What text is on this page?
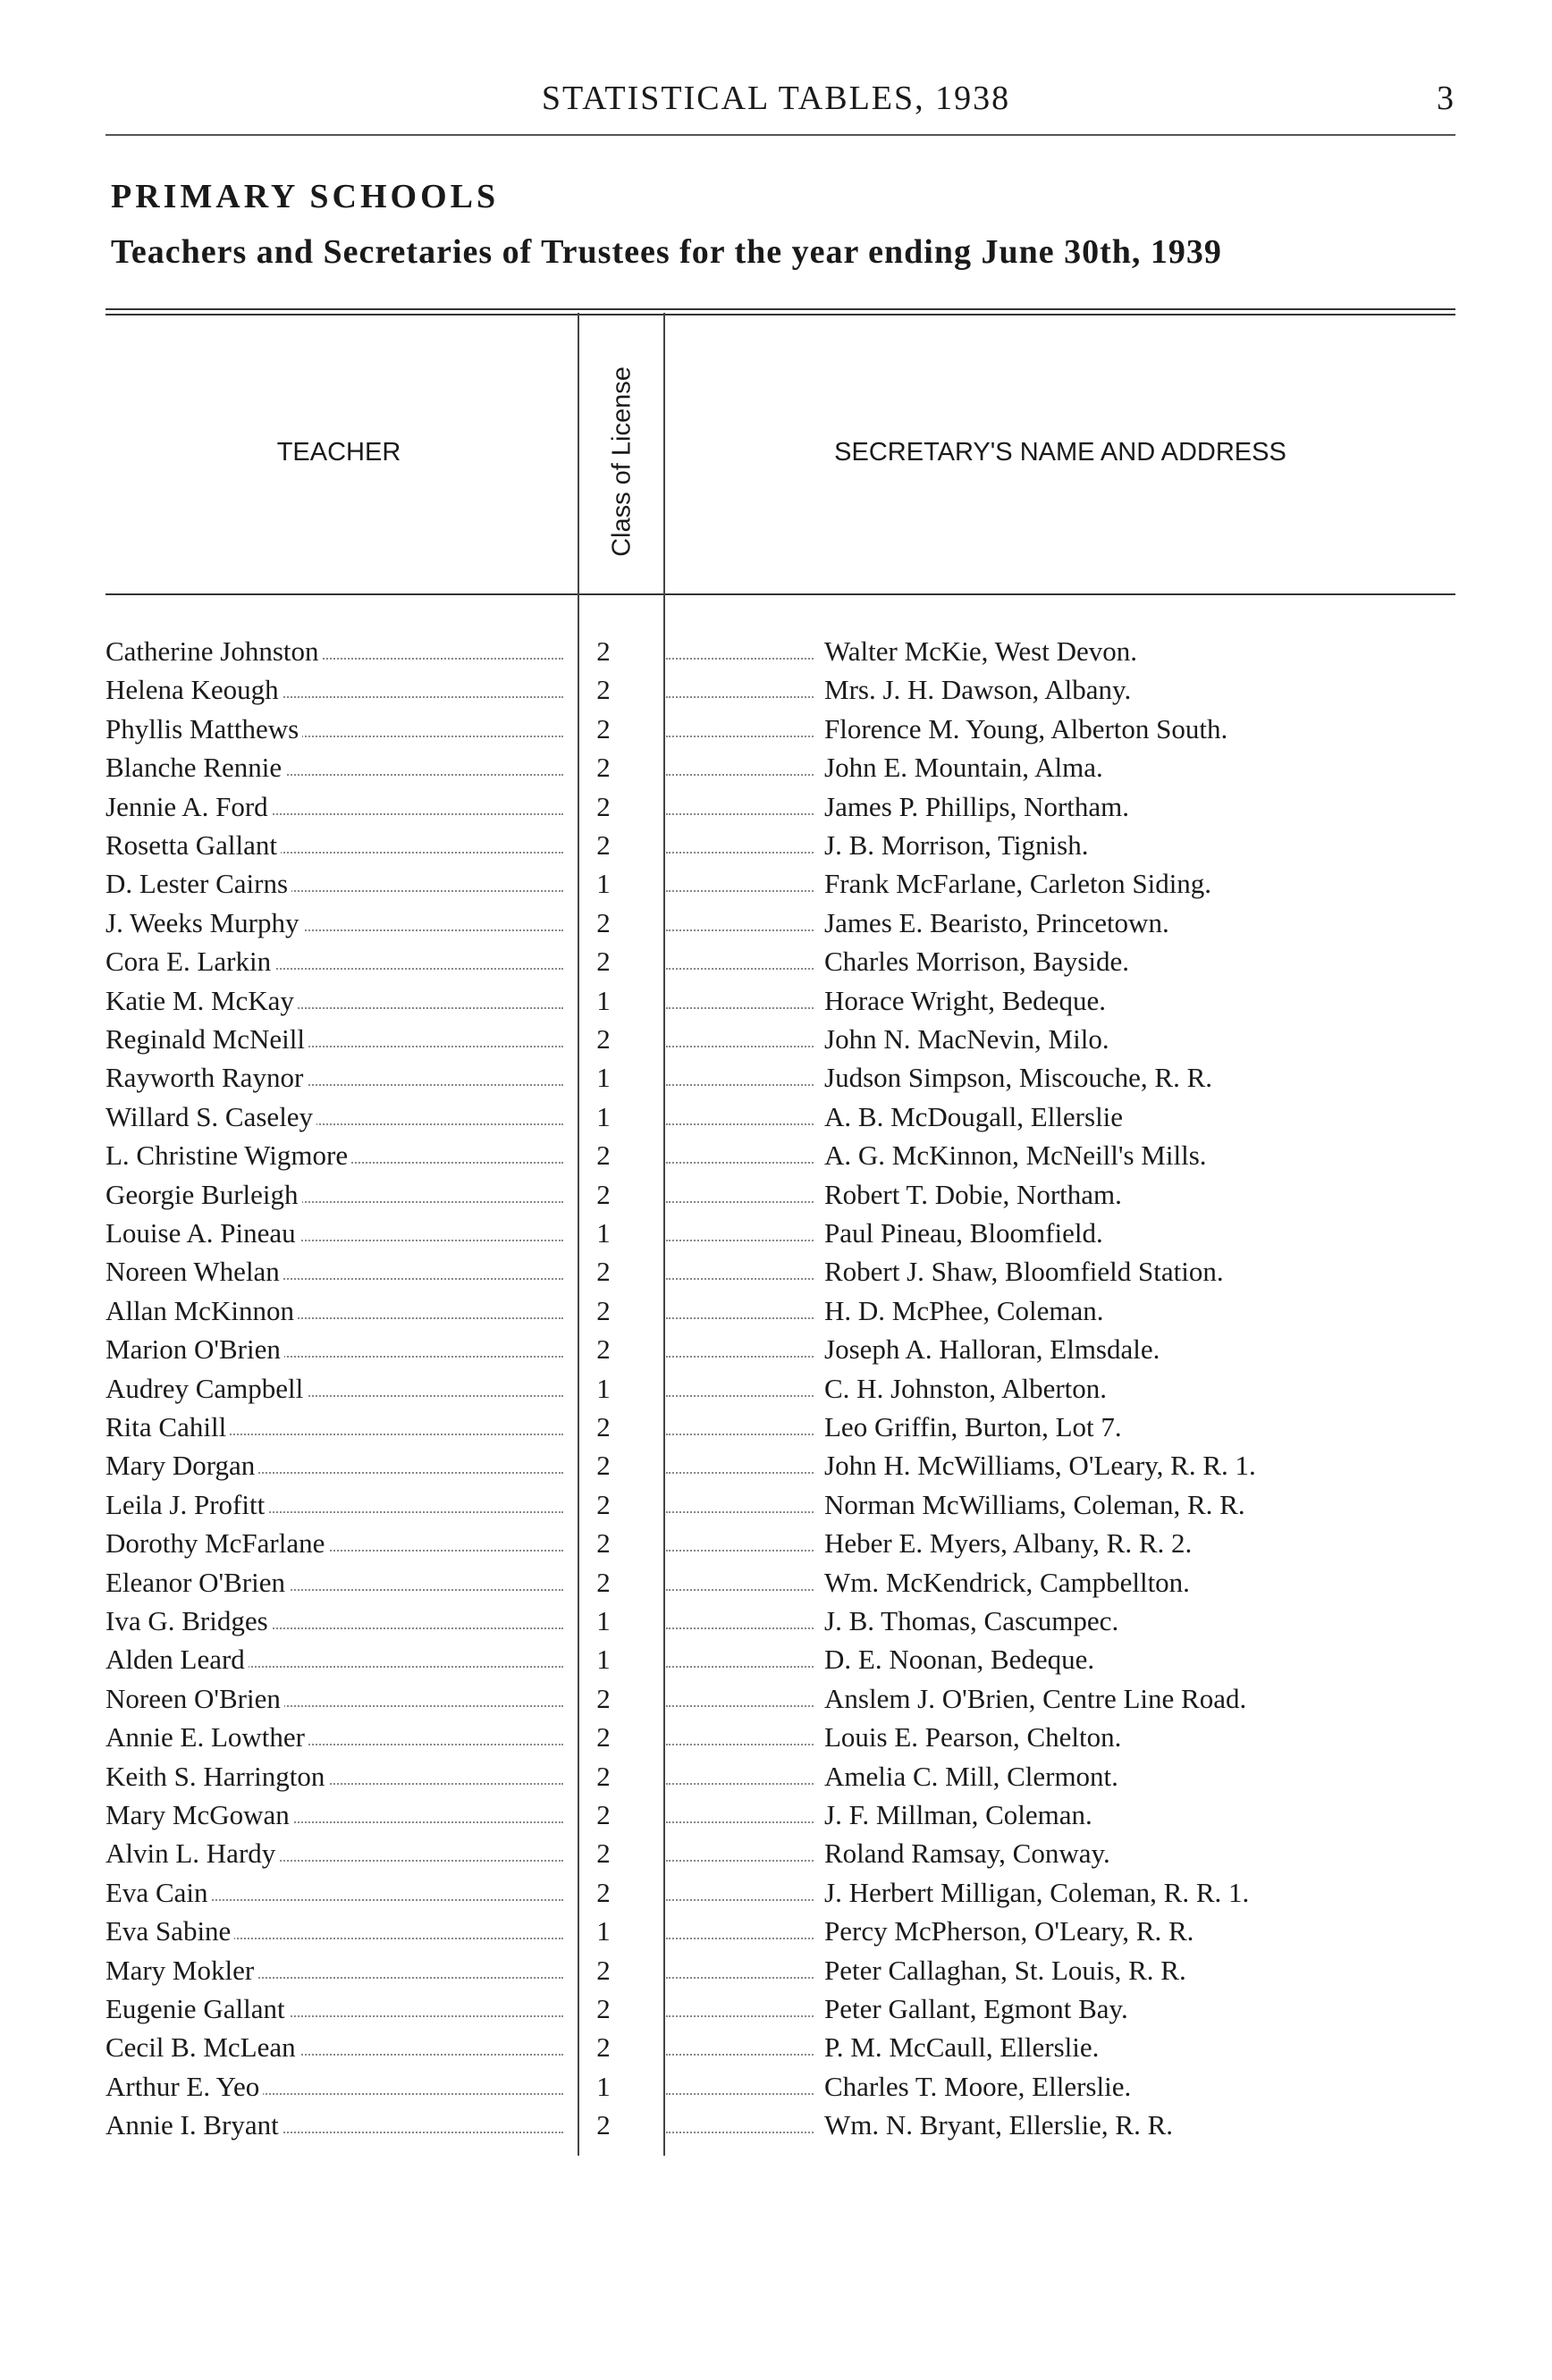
STATISTICAL TABLES, 1938	3
PRIMARY SCHOOLS
Teachers and Secretaries of Trustees for the year ending June 30th, 1939
TEACHER	Class of License	SECRETARY'S NAME AND ADDRESS
Catherine Johnston	2	Walter McKie, West Devon.
Helena Keough	2	Mrs. J. H. Dawson, Albany.
Phyllis Matthews	2	Florence M. Young, Alberton South.
Blanche Rennie	2	John E. Mountain, Alma.
Jennie A. Ford	2	James P. Phillips, Northam.
Rosetta Gallant	2	J. B. Morrison, Tignish.
D. Lester Cairns	1	Frank McFarlane, Carleton Siding.
J. Weeks Murphy	2	James E. Bearisto, Princetown.
Cora E. Larkin	2	Charles Morrison, Bayside.
Katie M. McKay	1	Horace Wright, Bedeque.
Reginald McNeill	2	John N. MacNevin, Milo.
Rayworth Raynor	1	Judson Simpson, Miscouche, R. R.
Willard S. Caseley	1	A. B. McDougall, Ellerslie
L. Christine Wigmore	2	A. G. McKinnon, McNeill's Mills.
Georgie Burleigh	2	Robert T. Dobie, Northam.
Louise A. Pineau	1	Paul Pineau, Bloomfield.
Noreen Whelan	2	Robert J. Shaw, Bloomfield Station.
Allan McKinnon	2	H. D. McPhee, Coleman.
Marion O'Brien	2	Joseph A. Halloran, Elmsdale.
Audrey Campbell	1	C. H. Johnston, Alberton.
Rita Cahill	2	Leo Griffin, Burton, Lot 7.
Mary Dorgan	2	John H. McWilliams, O'Leary, R. R. 1.
Leila J. Profitt	2	Norman McWilliams, Coleman, R. R.
Dorothy McFarlane	2	Heber E. Myers, Albany, R. R. 2.
Eleanor O'Brien	2	Wm. McKendrick, Campbellton.
Iva G. Bridges	1	J. B. Thomas, Cascumpec.
Alden Leard	1	D. E. Noonan, Bedeque.
Noreen O'Brien	2	Anslem J. O'Brien, Centre Line Road.
Annie E. Lowther	2	Louis E. Pearson, Chelton.
Keith S. Harrington	2	Amelia C. Mill, Clermont.
Mary McGowan	2	J. F. Millman, Coleman.
Alvin L. Hardy	2	Roland Ramsay, Conway.
Eva Cain	2	J. Herbert Milligan, Coleman, R. R. 1.
Eva Sabine	1	Percy McPherson, O'Leary, R. R.
Mary Mokler	2	Peter Callaghan, St. Louis, R. R.
Eugenie Gallant	2	Peter Gallant, Egmont Bay.
Cecil B. McLean	2	P. M. McCaull, Ellerslie.
Arthur E. Yeo	1	Charles T. Moore, Ellerslie.
Annie I. Bryant	2	Wm. N. Bryant, Ellerslie, R. R.
